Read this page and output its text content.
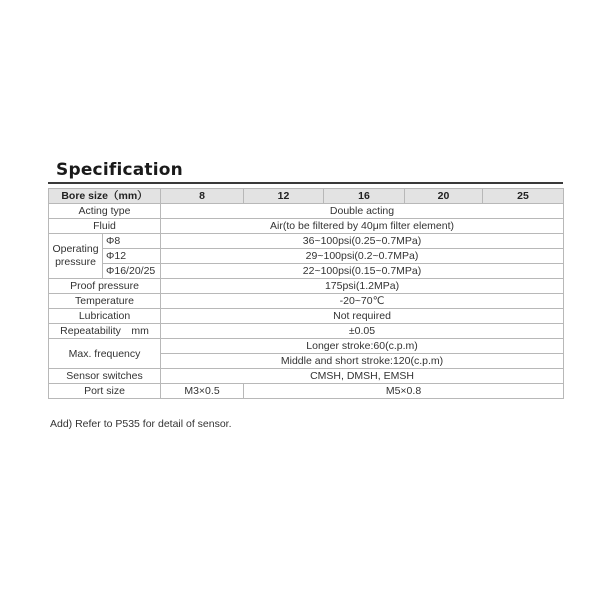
Specification
Bore size（mm）		8	12	16	20	25
Acting type		Double acting				
Fluid		Air(to be filtered by 40μm filter element)				
Operating
pressure	Φ8	36~100psi(0.25~0.7MPa)				
	Φ12	29~100psi(0.2~0.7MPa)				
	Φ16/20/25	22~100psi(0.15~0.7MPa)				
Proof pressure		175psi(1.2MPa)				
Temperature		-20~70℃				
Lubrication		Not required				
Repeatability　mm		±0.05				
Max. frequency		Longer stroke:60(c.p.m)				
		Middle and short stroke:120(c.p.m)				
Sensor switches		CMSH, DMSH, EMSH				
Port size		M3×0.5	M5×0.8			
Add) Refer to P535 for detail of sensor.
